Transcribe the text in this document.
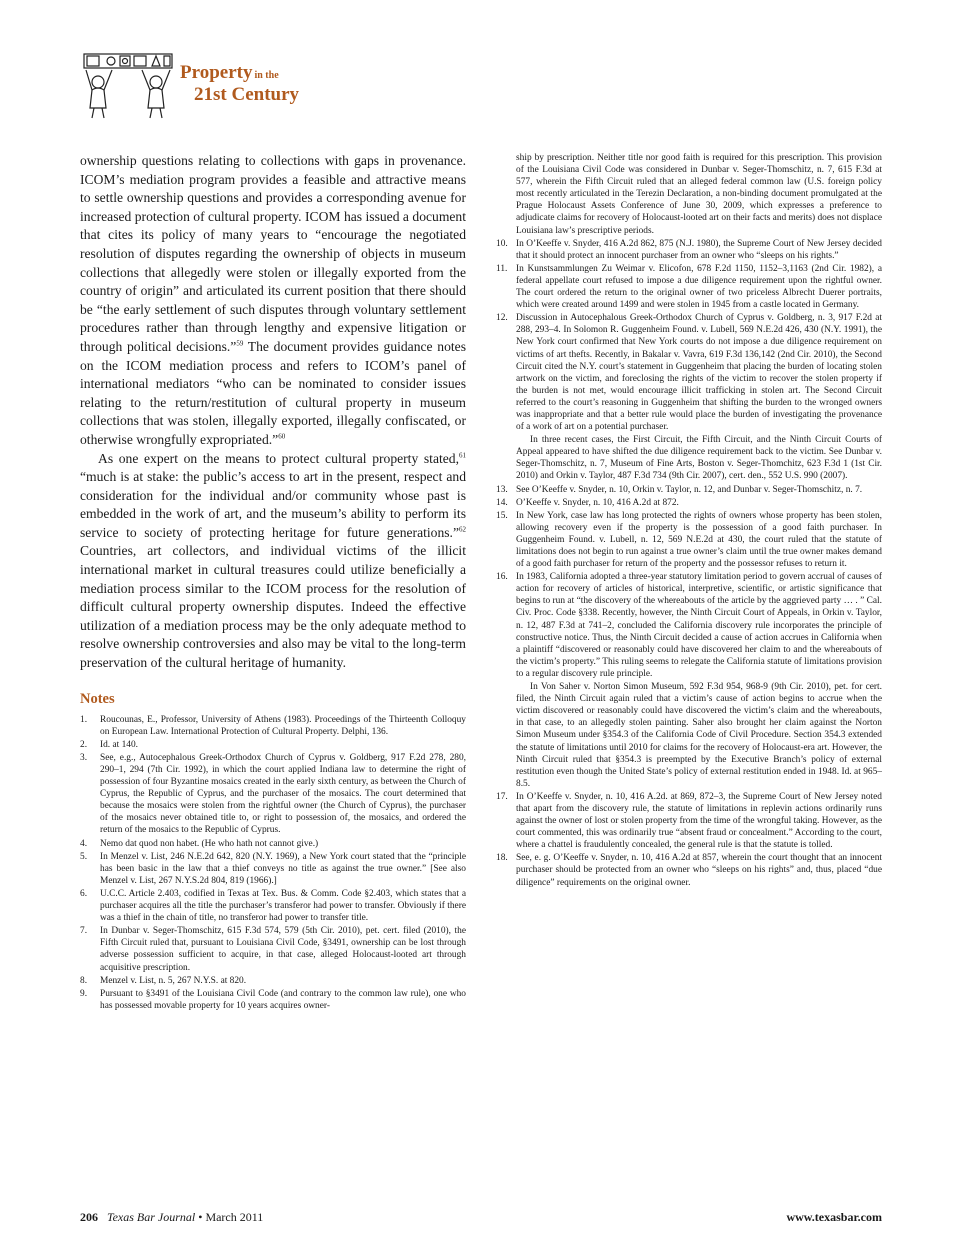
Property in the
21st Century

ownership questions relating to collections with gaps in provenance. ICOM’s mediation program provides a feasible and attractive means to settle ownership questions and provides a corresponding avenue for increased protection of cultural property. ICOM has issued a document that cites its policy of many years to “encourage the negotiated resolution of disputes regarding the ownership of objects in museum collections that allegedly were stolen or illegally exported from the country of origin” and articulated its current position that there should be “the early settlement of such disputes through voluntary settlement procedures rather than through lengthy and expensive litigation or through political decisions.”$^{59}$ The document provides guidance notes on the ICOM mediation process and refers to ICOM’s panel of international mediators “who can be nominated to consider issues relating to the return/restitution of cultural property in museum collections that was stolen, illegally exported, illegally confiscated, or otherwise wrongfully expropriated.”$^{60}$

As one expert on the means to protect cultural property stated,$^{61}$ “much is at stake: the public’s access to art in the present, respect and consideration for the individual and/or community whose past is embedded in the work of art, and the museum’s ability to perform its service to society of protecting heritage for future generations.”$^{62}$ Countries, art collectors, and individual victims of the illicit international market in cultural treasures could utilize beneficially a mediation process similar to the ICOM process for the resolution of difficult cultural property ownership disputes. Indeed the effective utilization of a mediation process may be the only adequate method to resolve ownership controversies and also may be vital to the long-term preservation of the cultural heritage of humanity.

Notes
1.	Roucounas, E., Professor, University of Athens (1983). Proceedings of the Thirteenth Colloquy on European Law. International Protection of Cultural Property. Delphi, 136.
2.	Id. at 140.
3.	See, e.g., Autocephalous Greek-Orthodox Church of Cyprus v. Goldberg, 917 F.2d 278, 280, 290–1, 294 (7th Cir. 1992), in which the court applied Indiana law to determine the right of possession of four Byzantine mosaics created in the early sixth century, as between the Church of Cyprus, the Republic of Cyprus, and the purchaser of the mosaics. The court determined that because the mosaics were stolen from the rightful owner (the Church of Cyprus), the purchaser of the mosaics never obtained title to, or right to possession of, the mosaics, and ordered the return of the mosaics to the Republic of Cyprus.
4.	Nemo dat quod non habet. (He who hath not cannot give.)
5.	In Menzel v. List, 246 N.E.2d 642, 820 (N.Y. 1969), a New York court stated that the “principle has been basic in the law that a thief conveys no title as against the true owner.” [See also Menzel v. List, 267 N.Y.S.2d 804, 819 (1966).]
6.	U.C.C. Article 2.403, codified in Texas at Tex. Bus. & Comm. Code §2.403, which states that a purchaser acquires all the title the purchaser’s transferor had power to transfer. Obviously if there was a thief in the chain of title, no transferor had power to transfer title.
7.	In Dunbar v. Seger-Thomschitz, 615 F.3d 574, 579 (5th Cir. 2010), pet. cert. filed (2010), the Fifth Circuit ruled that, pursuant to Louisiana Civil Code, §3491, ownership can be lost through adverse possession sufficient to acquire, in that case, alleged Holocaust-looted art through acquisitive prescription.
8.	Menzel v. List, n. 5, 267 N.Y.S. at 820.
9.	Pursuant to §3491 of the Louisiana Civil Code (and contrary to the common law rule), one who has possessed movable property for 10 years acquires owner-
ship by prescription. Neither title nor good faith is required for this prescription. This provision of the Louisiana Civil Code was considered in Dunbar v. Seger-Thomschitz, n. 7, 615 F.3d at 577, wherein the Fifth Circuit ruled that an alleged federal common law (U.S. foreign policy most recently articulated in the Terezin Declaration, a non-binding document promulgated at the Prague Holocaust Assets Conference of June 30, 2009, which expresses a preference to adjudicate claims for recovery of Holocaust-looted art on their facts and merits) does not displace Louisiana law’s prescriptive periods.
10. In O’Keeffe v. Snyder, 416 A.2d 862, 875 (N.J. 1980), the Supreme Court of New Jersey decided that it should protect an innocent purchaser from an owner who “sleeps on his rights.”
11. In Kunstsammlungen Zu Weimar v. Elicofon, 678 F.2d 1150, 1152–3,1163 (2nd Cir. 1982), a federal appellate court refused to impose a due diligence requirement upon the rightful owner. The court ordered the return to the original owner of two priceless Albrecht Duerer portraits, which were created around 1499 and were stolen in 1945 from a castle located in Germany.
12. Discussion in Autocephalous Greek-Orthodox Church of Cyprus v. Goldberg, n. 3, 917 F.2d at 288, 293–4. In Solomon R. Guggenheim Found. v. Lubell, 569 N.E.2d 426, 430 (N.Y. 1991), the New York court confirmed that New York courts do not impose a due diligence requirement on victims of art thefts. Recently, in Bakalar v. Vavra, 619 F.3d 136,142 (2nd Cir. 2010), the Second Circuit cited the N.Y. court’s statement in Guggenheim that placing the burden of locating stolen artwork on the victim, and foreclosing the rights of the victim to recover the stolen property if the burden is not met, would encourage illicit trafficking in stolen art. The Second Circuit referred to the court’s reasoning in Guggenheim that shifting the burden to the wronged owners was inappropriate and that a better rule would place the burden of investigating the provenance of a work of art on a potential purchaser.
In three recent cases, the First Circuit, the Fifth Circuit, and the Ninth Circuit Courts of Appeal appeared to have shifted the due diligence requirement back to the victim. See Dunbar v. Seger-Thomschitz, n. 7, Museum of Fine Arts, Boston v. Seger-Thomchitz, 623 F.3d 1 (1st Cir. 2010) and Orkin v. Taylor, 487 F.3d 734 (9th Cir. 2007), cert. den., 552 U.S. 990 (2007).
13. See O’Keeffe v. Snyder, n. 10, Orkin v. Taylor, n. 12, and Dunbar v. Seger-Thomschitz, n. 7.
14. O’Keeffe v. Snyder, n. 10, 416 A.2d at 872.
15. In New York, case law has long protected the rights of owners whose property has been stolen, allowing recovery even if the property is the possession of a good faith purchaser. In Guggenheim Found. v. Lubell, n. 12, 569 N.E.2d at 430, the court ruled that the statute of limitations does not begin to run against a true owner’s claim until the true owner makes demand of a good faith purchaser for return of the property and the possessor refuses to return it.
16. In 1983, California adopted a three-year statutory limitation period to govern accrual of causes of action for recovery of articles of historical, interpretive, scientific, or artistic significance that begins to run at “the discovery of the whereabouts of the article by the aggrieved party … . ” Cal. Civ. Proc. Code §338. Recently, however, the Ninth Circuit Court of Appeals, in Orkin v. Taylor, n. 12, 487 F.3d at 741–2, concluded the California discovery rule incorporates the principle of constructive notice. Thus, the Ninth Circuit decided a cause of action accrues in California when a plaintiff “discovered or reasonably could have discovered her claim to and the whereabouts of the victim’s property.” This ruling seems to relegate the California statute of limitations provision to a regular discovery rule principle.
In Von Saher v. Norton Simon Museum, 592 F.3d 954, 968-9 (9th Cir. 2010), pet. for cert. filed, the Ninth Circuit again ruled that a victim’s cause of action begins to accrue when the victim discovered or reasonably could have discovered the victim’s claim and the whereabouts, in that case, to an allegedly stolen painting. Saher also brought her claim against the Norton Simon Museum under §354.3 of the California Code of Civil Procedure. Section 354.3 extended the statute of limitations until 2010 for claims for the recovery of Holocaust-era art. However, the Ninth Circuit ruled that §354.3 is preempted by the Executive Branch’s policy of external restitution even though the United State’s policy of external restitution ended in 1948. Id. at 965–8.5.
17. In O’Keeffe v. Snyder, n. 10, 416 A.2d. at 869, 872–3, the Supreme Court of New Jersey noted that apart from the discovery rule, the statute of limitations in replevin actions ordinarily runs against the owner of lost or stolen property from the time of the wrongful taking. However, as the court commented, this was ordinarily true “absent fraud or concealment.” According to the court, where a chattel is fraudulently concealed, the general rule is that the statute is tolled.
18. See, e. g. O’Keeffe v. Snyder, n. 10, 416 A.2d at 857, wherein the court thought that an innocent purchaser should be protected from an owner who “sleeps on his rights” and, thus, placed “due diligence” requirements on the original owner.
206 Texas Bar Journal • March 2011	www.texasbar.com
